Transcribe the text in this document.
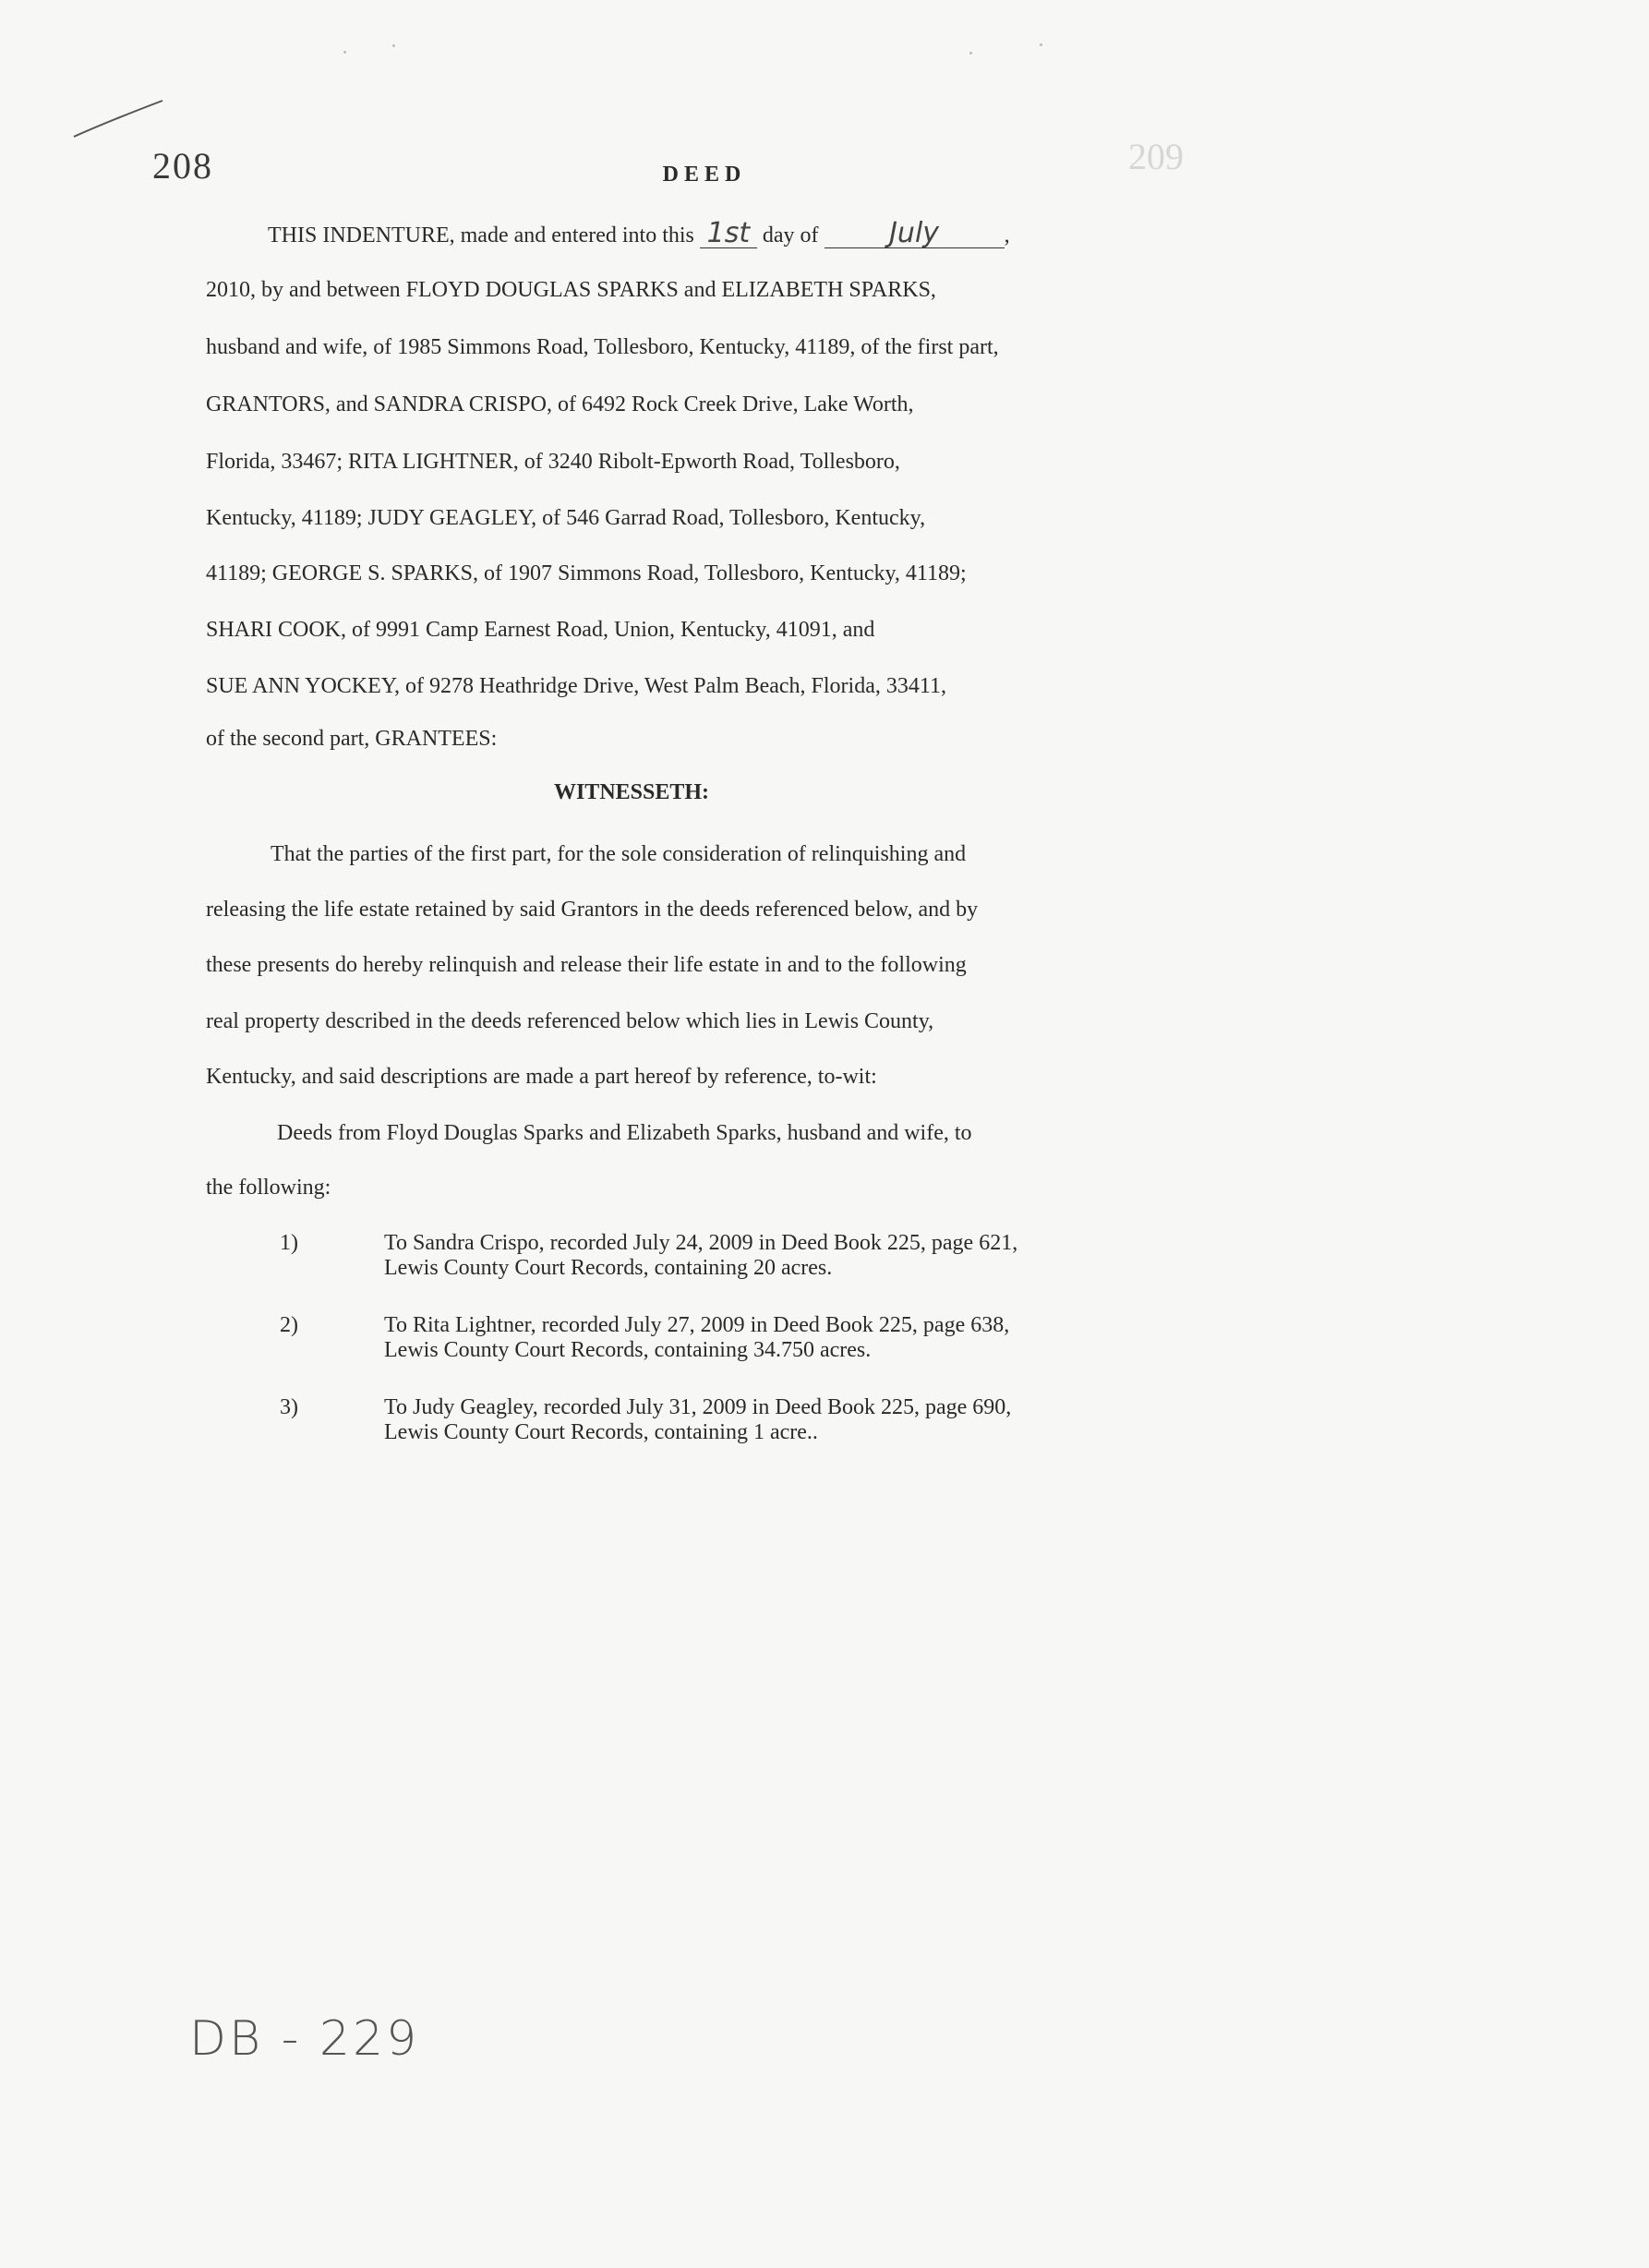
209
208	DEED
THIS INDENTURE, made and entered into this 1st day of	July	,
2010, by and between FLOYD DOUGLAS SPARKS and ELIZABETH SPARKS,
husband and wife, of 1985 Simmons Road, Tollesboro, Kentucky, 41189, of the first part,
GRANTORS, and SANDRA CRISPO, of 6492 Rock Creek Drive, Lake Worth,
Florida, 33467; RITA LIGHTNER, of 3240 Ribolt-Epworth Road, Tollesboro,
Kentucky, 41189; JUDY GEAGLEY, of 546 Garrad Road, Tollesboro, Kentucky,
41189; GEORGE S. SPARKS, of 1907 Simmons Road, Tollesboro, Kentucky, 41189;
SHARI COOK, of 9991 Camp Earnest Road, Union, Kentucky, 41091, and
SUE ANN YOCKEY, of 9278 Heathridge Drive, West Palm Beach, Florida, 33411,
of the second part, GRANTEES:
WITNESSETH:
That the parties of the first part, for the sole consideration of relinquishing and
releasing the life estate retained by said Grantors in the deeds referenced below, and by
these presents do hereby relinquish and release their life estate in and to the following
real property described in the deeds referenced below which lies in Lewis County,
Kentucky, and said descriptions are made a part hereof by reference, to-wit:
Deeds from Floyd Douglas Sparks and Elizabeth Sparks, husband and wife, to
the following:
1)	To Sandra Crispo, recorded July 24, 2009 in Deed Book 225, page 621,
Lewis County Court Records, containing 20 acres.
2)	To Rita Lightner, recorded July 27, 2009 in Deed Book 225, page 638,
Lewis County Court Records, containing 34.750 acres.
3)	To Judy Geagley, recorded July 31, 2009 in Deed Book 225, page 690,
Lewis County Court Records, containing 1 acre..
DB - 229
